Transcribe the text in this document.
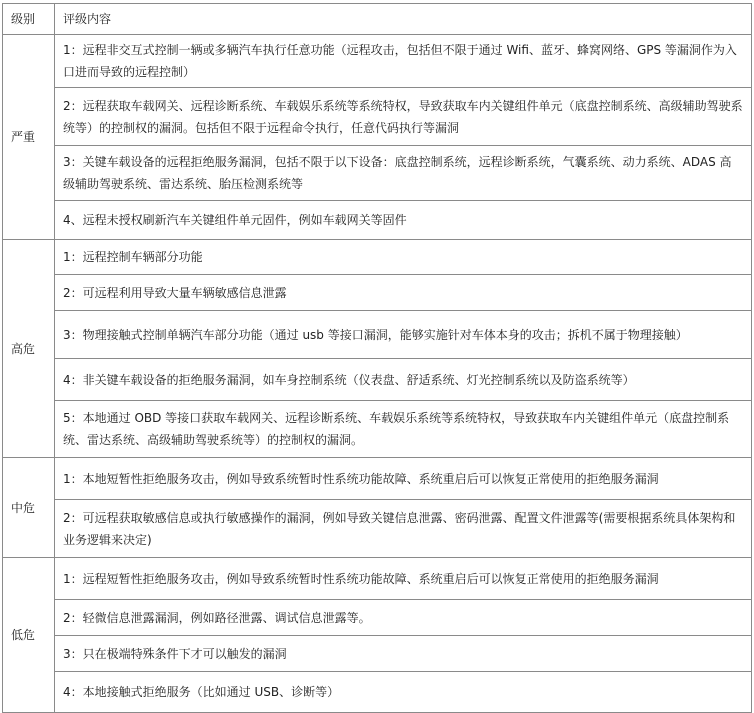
级别	评级内容
严重	1：远程非交互式控制一辆或多辆汽车执行任意功能（远程攻击，包括但不限于通过 Wifi、蓝牙、蜂窝网络、GPS 等漏洞作为入口进而导致的远程控制）
	2：远程获取车载网关、远程诊断系统、车载娱乐系统等系统特权，导致获取车内关键组件单元（底盘控制系统、高级辅助驾驶系统等）的控制权的漏洞。包括但不限于远程命令执行，任意代码执行等漏洞
	3：关键车载设备的远程拒绝服务漏洞，包括不限于以下设备：底盘控制系统，远程诊断系统，气囊系统、动力系统、ADAS 高级辅助驾驶系统、雷达系统、胎压检测系统等
	4、远程未授权刷新汽车关键组件单元固件，例如车载网关等固件
高危	1：远程控制车辆部分功能
	2：可远程利用导致大量车辆敏感信息泄露
	3：物理接触式控制单辆汽车部分功能（通过 usb 等接口漏洞，能够实施针对车体本身的攻击；拆机不属于物理接触）
	4：非关键车载设备的拒绝服务漏洞，如车身控制系统（仪表盘、舒适系统、灯光控制系统以及防盗系统等）
	5：本地通过 OBD 等接口获取车载网关、远程诊断系统、车载娱乐系统等系统特权，导致获取车内关键组件单元（底盘控制系统、雷达系统、高级辅助驾驶系统等）的控制权的漏洞。
中危	1：本地短暂性拒绝服务攻击，例如导致系统暂时性系统功能故障、系统重启后可以恢复正常使用的拒绝服务漏洞
	2：可远程获取敏感信息或执行敏感操作的漏洞，例如导致关键信息泄露、密码泄露、配置文件泄露等(需要根据系统具体架构和业务逻辑来决定)
低危	1：远程短暂性拒绝服务攻击，例如导致系统暂时性系统功能故障、系统重启后可以恢复正常使用的拒绝服务漏洞
	2：轻微信息泄露漏洞，例如路径泄露、调试信息泄露等。
	3：只在极端特殊条件下才可以触发的漏洞
	4：本地接触式拒绝服务（比如通过 USB、诊断等）
